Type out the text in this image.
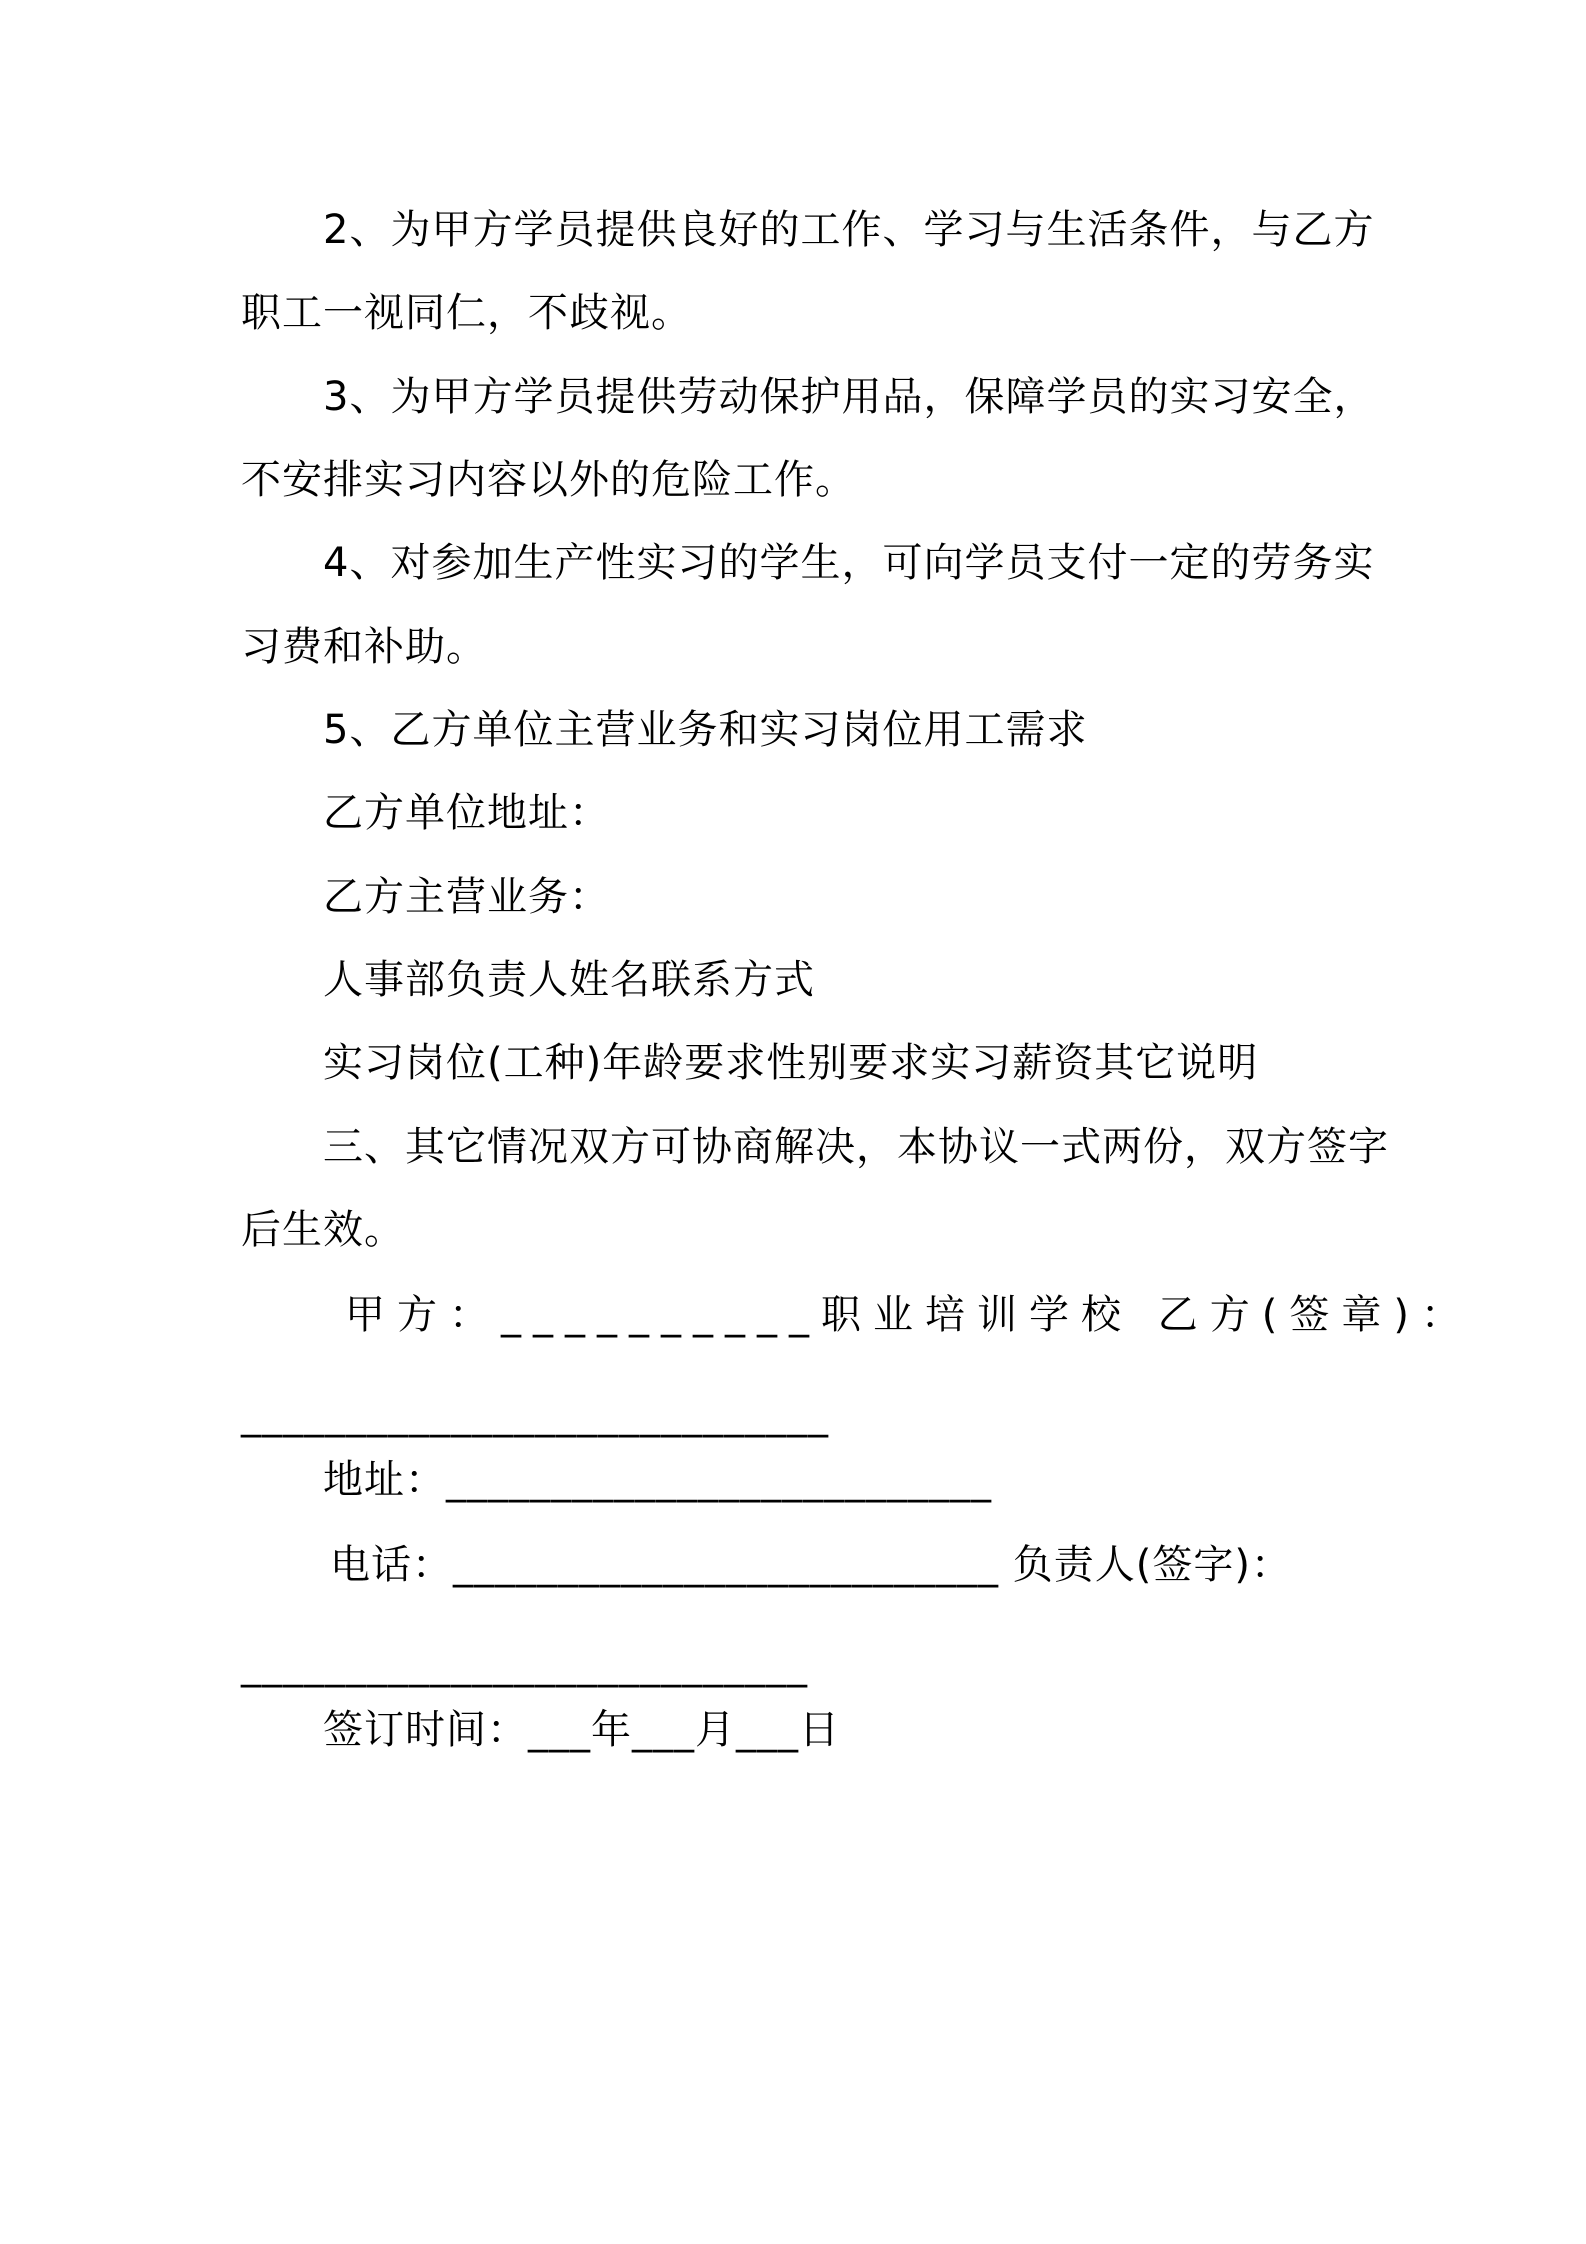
2、为甲方学员提供良好的工作、学习与生活条件，与乙方
职工一视同仁，不歧视。
3、为甲方学员提供劳动保护用品，保障学员的实习安全，
不安排实习内容以外的危险工作。
4、对参加生产性实习的学生，可向学员支付一定的劳务实
习费和补助。
5、乙方单位主营业务和实习岗位用工需求
乙方单位地址：
乙方主营业务：
人事部负责人姓名联系方式
实习岗位(工种)年龄要求性别要求实习薪资其它说明
三、其它情况双方可协商解决，本协议一式两份，双方签字
后生效。
甲方：__________职业培训学校 乙方(签章)：
____________________________
地址：__________________________
电话：__________________________ 负责人(签字)：
___________________________
签订时间：___年___月___日
